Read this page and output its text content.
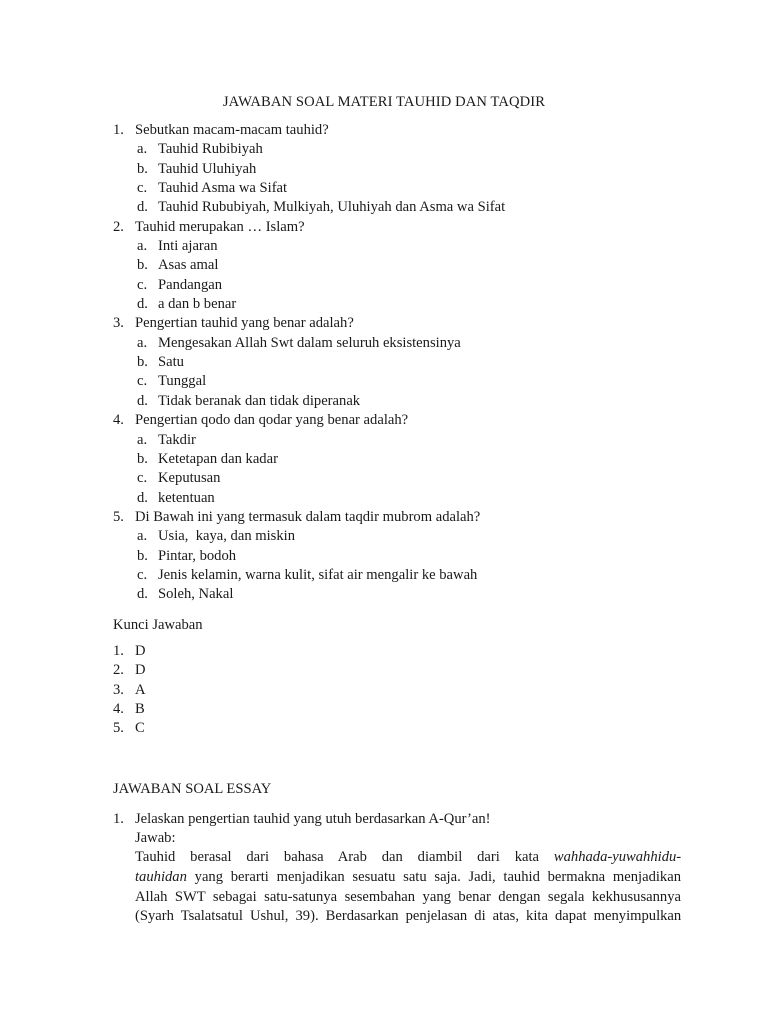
JAWABAN SOAL MATERI TAUHID DAN TAQDIR
1. Sebutkan macam-macam tauhid?
a. Tauhid Rubibiyah
b. Tauhid Uluhiyah
c. Tauhid Asma wa Sifat
d. Tauhid Rububiyah, Mulkiyah, Uluhiyah dan Asma wa Sifat
2. Tauhid merupakan … Islam?
a. Inti ajaran
b. Asas amal
c. Pandangan
d. a dan b benar
3. Pengertian tauhid yang benar adalah?
a. Mengesakan Allah Swt dalam seluruh eksistensinya
b. Satu
c. Tunggal
d. Tidak beranak dan tidak diperanak
4. Pengertian qodo dan qodar yang benar adalah?
a. Takdir
b. Ketetapan dan kadar
c. Keputusan
d. ketentuan
5. Di Bawah ini yang termasuk dalam taqdir mubrom adalah?
a. Usia,  kaya, dan miskin
b. Pintar, bodoh
c. Jenis kelamin, warna kulit, sifat air mengalir ke bawah
d. Soleh, Nakal
Kunci Jawaban
1. D
2. D
3. A
4. B
5. C
JAWABAN SOAL ESSAY
1. Jelaskan pengertian tauhid yang utuh berdasarkan A-Qur’an!
Jawab:
Tauhid berasal dari bahasa Arab dan diambil dari kata wahhada-yuwahhidu-
tauhidan yang berarti menjadikan sesuatu satu saja. Jadi, tauhid bermakna menjadikan
Allah SWT sebagai satu-satunya sesembahan yang benar dengan segala kekhususannya
(Syarh Tsalatsatul Ushul, 39). Berdasarkan penjelasan di atas, kita dapat menyimpulkan
